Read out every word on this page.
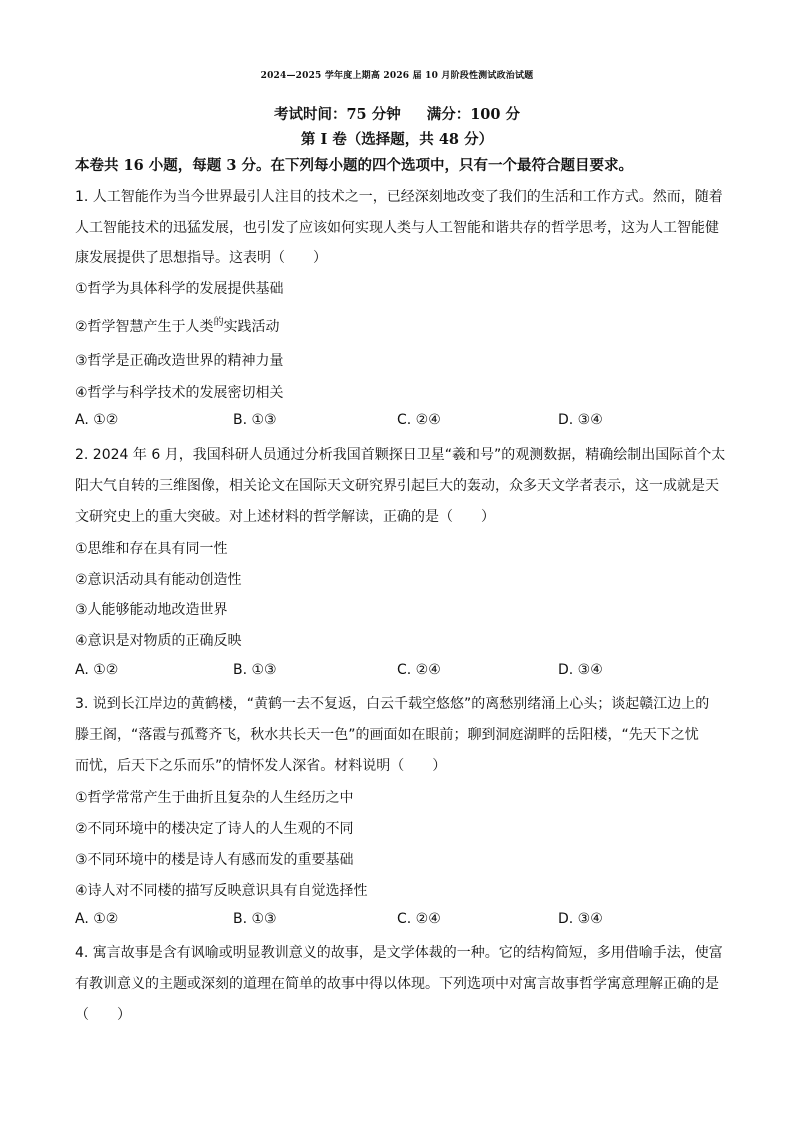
2024—2025 学年度上期高 2026 届 10 月阶段性测试政治试题
考试时间：75 分钟 满分：100 分
第 I 卷（选择题，共 48 分）
本卷共 16 小题，每题 3 分。在下列每小题的四个选项中，只有一个最符合题目要求。
1. 人工智能作为当今世界最引人注目的技术之一，已经深刻地改变了我们的生活和工作方式。然而，随着
人工智能技术的迅猛发展，也引发了应该如何实现人类与人工智能和谐共存的哲学思考，这为人工智能健
康发展提供了思想指导。这表明（　　）
①哲学为具体科学的发展提供基础
②哲学智慧产生于人类$^的$实践活动
③哲学是正确改造世界的精神力量
④哲学与科学技术的发展密切相关
A. ①②	B. ①③	C. ②④	D. ③④
2. 2024 年 6 月，我国科研人员通过分析我国首颗探日卫星“羲和号”的观测数据，精确绘制出国际首个太
阳大气自转的三维图像，相关论文在国际天文研究界引起巨大的轰动，众多天文学者表示，这一成就是天
文研究史上的重大突破。对上述材料的哲学解读，正确的是（　　）
①思维和存在具有同一性
②意识活动具有能动创造性
③人能够能动地改造世界
④意识是对物质的正确反映
A. ①②	B. ①③	C. ②④	D. ③④
3. 说到长江岸边的黄鹤楼，“黄鹤一去不复返，白云千载空悠悠”的离愁别绪涌上心头；谈起赣江边上的
滕王阁，“落霞与孤鹜齐飞，秋水共长天一色”的画面如在眼前；聊到洞庭湖畔的岳阳楼，“先天下之忧
而忧，后天下之乐而乐”的情怀发人深省。材料说明（　　）
①哲学常常产生于曲折且复杂的人生经历之中
②不同环境中的楼决定了诗人的人生观的不同
③不同环境中的楼是诗人有感而发的重要基础
④诗人对不同楼的描写反映意识具有自觉选择性
A. ①②	B. ①③	C. ②④	D. ③④
4. 寓言故事是含有讽喻或明显教训意义的故事，是文学体裁的一种。它的结构简短，多用借喻手法，使富
有教训意义的主题或深刻的道理在简单的故事中得以体现。下列选项中对寓言故事哲学寓意理解正确的是
（　　）
